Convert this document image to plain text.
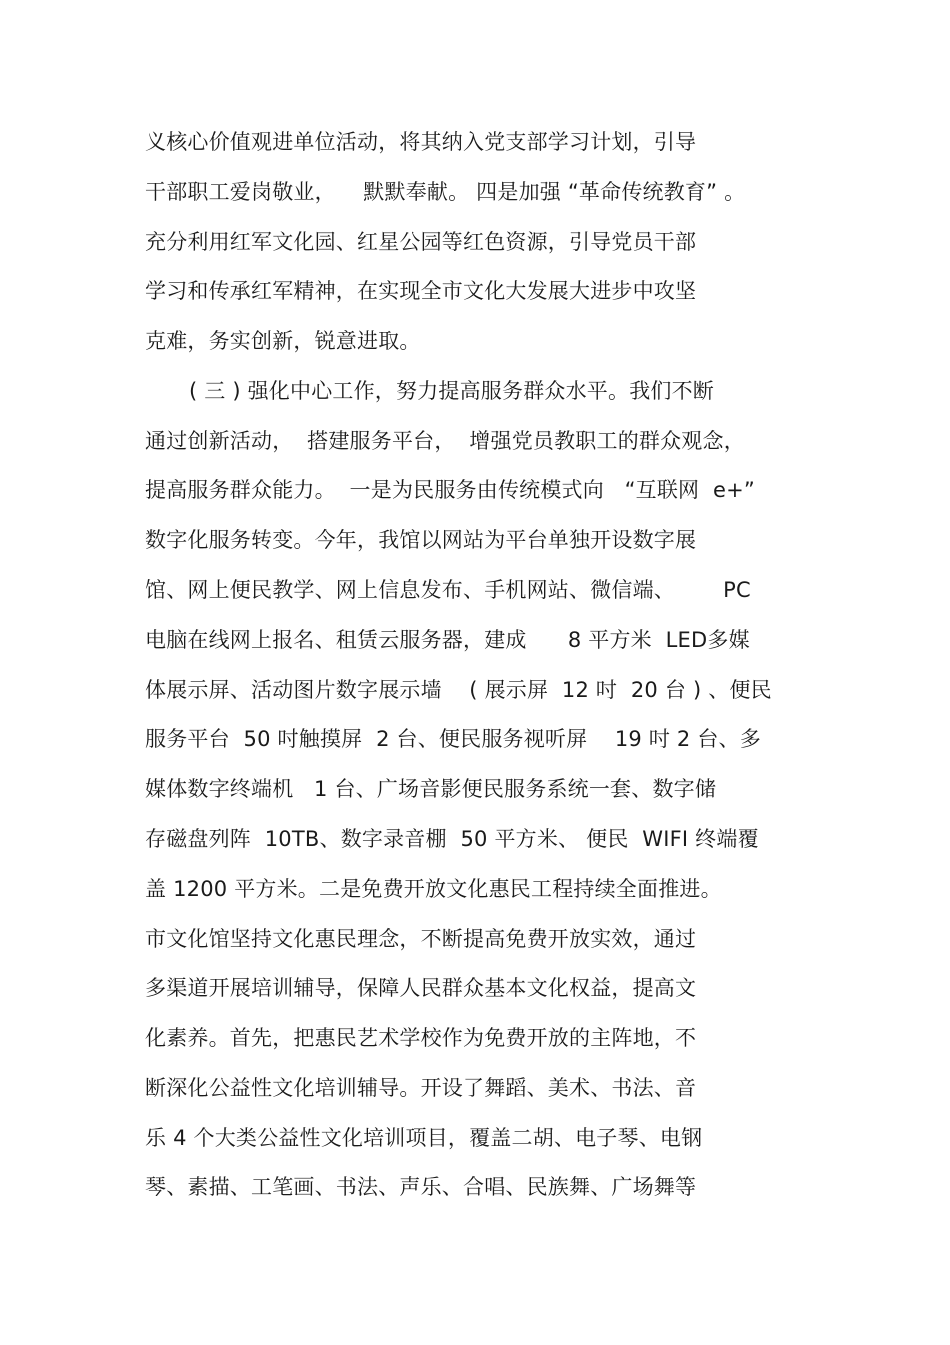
义核心价值观进单位活动，将其纳入党支部学习计划，引导
干部职工爱岗敬业，    默默奉献。 四是加强 “革命传统教育” 。
充分利用红军文化园、红星公园等红色资源，引导党员干部
学习和传承红军精神，在实现全市文化大发展大进步中攻坚
克难，务实创新，锐意进取。
( 三 ) 强化中心工作，努力提高服务群众水平。我们不断
通过创新活动，  搭建服务平台，  增强党员教职工的群众观念，
提高服务群众能力。  一是为民服务由传统模式向   “互联网  e+”
数字化服务转变。今年，我馆以网站为平台单独开设数字展
馆、网上便民教学、网上信息发布、手机网站、微信端、       PC
电脑在线网上报名、租赁云服务器，建成      8 平方米  LED多媒
体展示屏、活动图片数字展示墙    ( 展示屏  12 吋  20 台 ) 、便民
服务平台  50 吋触摸屏  2 台、便民服务视听屏    19 吋 2 台、多
媒体数字终端机   1 台、广场音影便民服务系统一套、数字储
存磁盘列阵  10TB、数字录音棚  50 平方米、 便民  WIFI 终端覆
盖 1200 平方米。二是免费开放文化惠民工程持续全面推进。
市文化馆坚持文化惠民理念，不断提高免费开放实效，通过
多渠道开展培训辅导，保障人民群众基本文化权益，提高文
化素养。首先，把惠民艺术学校作为免费开放的主阵地，不
断深化公益性文化培训辅导。开设了舞蹈、美术、书法、音
乐 4 个大类公益性文化培训项目，覆盖二胡、电子琴、电钢
琴、素描、工笔画、书法、声乐、合唱、民族舞、广场舞等
